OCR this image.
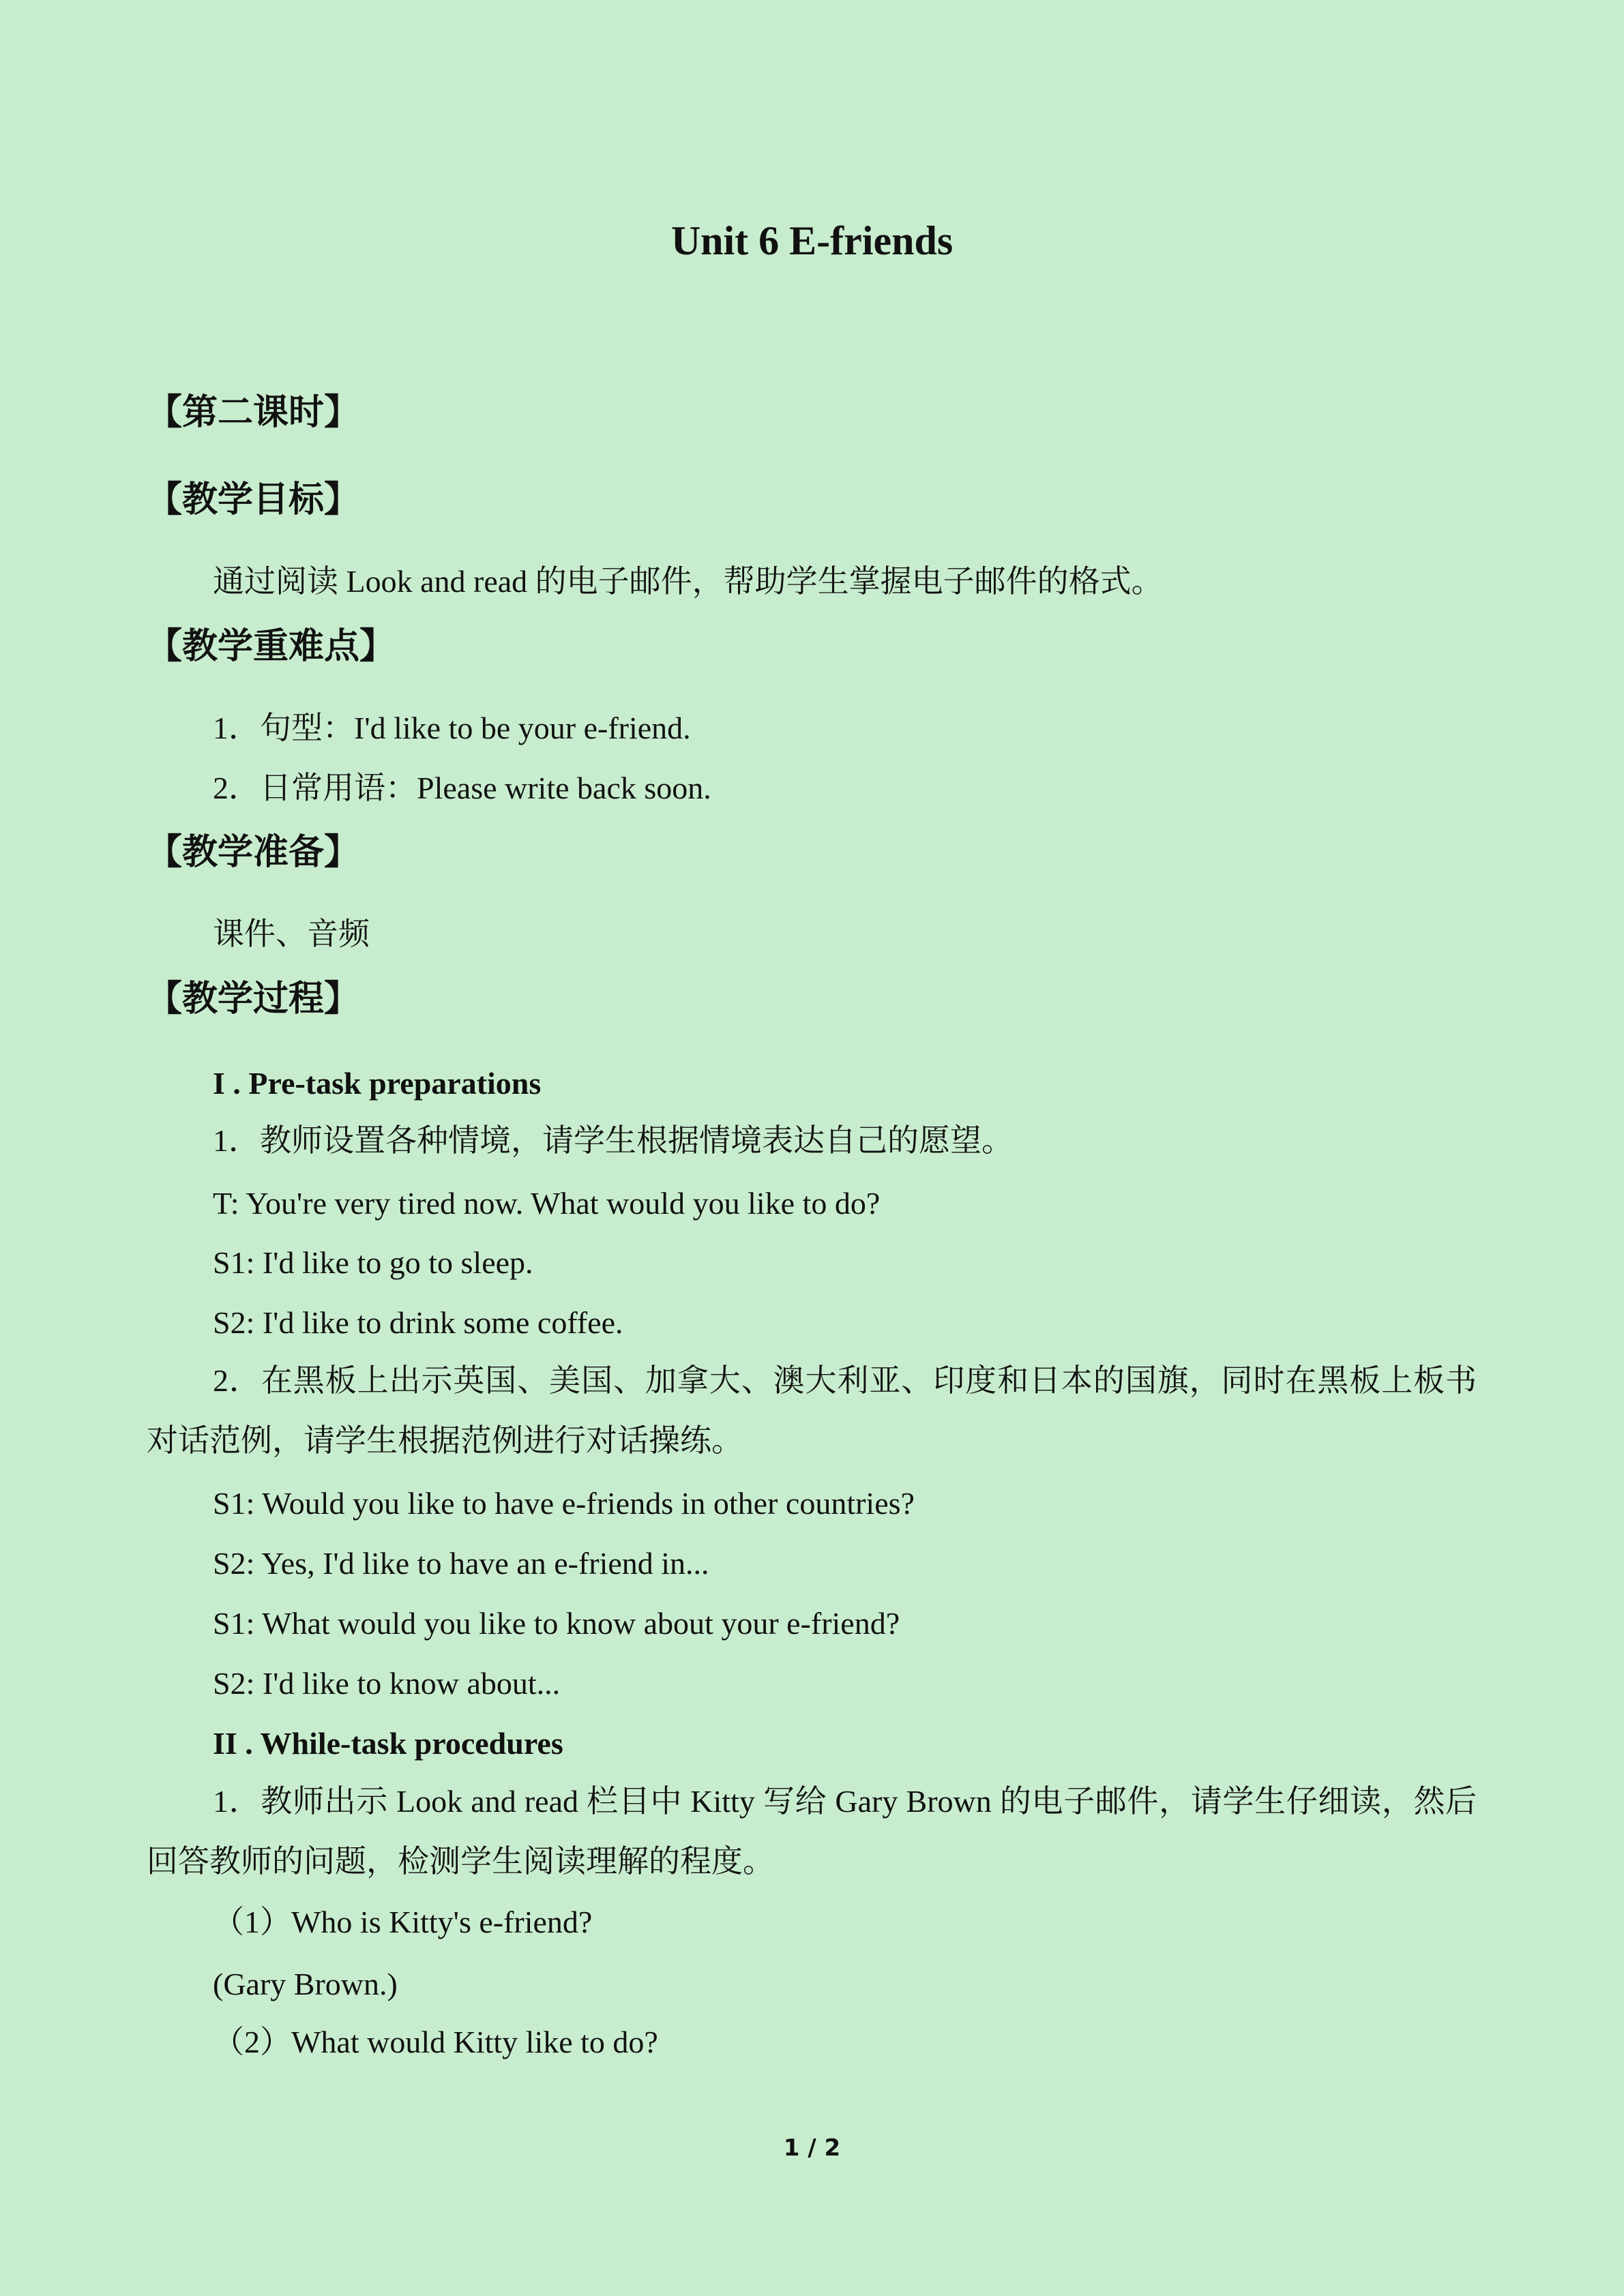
Unit 6 E-friends
【第二课时】
【教学目标】
通过阅读 Look and read 的电子邮件，帮助学生掌握电子邮件的格式。
【教学重难点】
1．句型：I'd like to be your e-friend.
2．日常用语：Please write back soon.
【教学准备】
课件、音频
【教学过程】
I . Pre-task preparations
1．教师设置各种情境，请学生根据情境表达自己的愿望。
T: You're very tired now. What would you like to do?
S1: I'd like to go to sleep.
S2: I'd like to drink some coffee.
2．在黑板上出示英国、美国、加拿大、澳大利亚、印度和日本的国旗，同时在黑板上板书对话范例，请学生根据范例进行对话操练。
S1: Would you like to have e-friends in other countries?
S2: Yes, I'd like to have an e-friend in...
S1: What would you like to know about your e-friend?
S2: I'd like to know about...
II . While-task procedures
1．教师出示 Look and read 栏目中 Kitty 写给 Gary Brown 的电子邮件，请学生仔细读，然后回答教师的问题，检测学生阅读理解的程度。
（1）Who is Kitty's e-friend?
(Gary Brown.)
（2）What would Kitty like to do?
1 / 2
